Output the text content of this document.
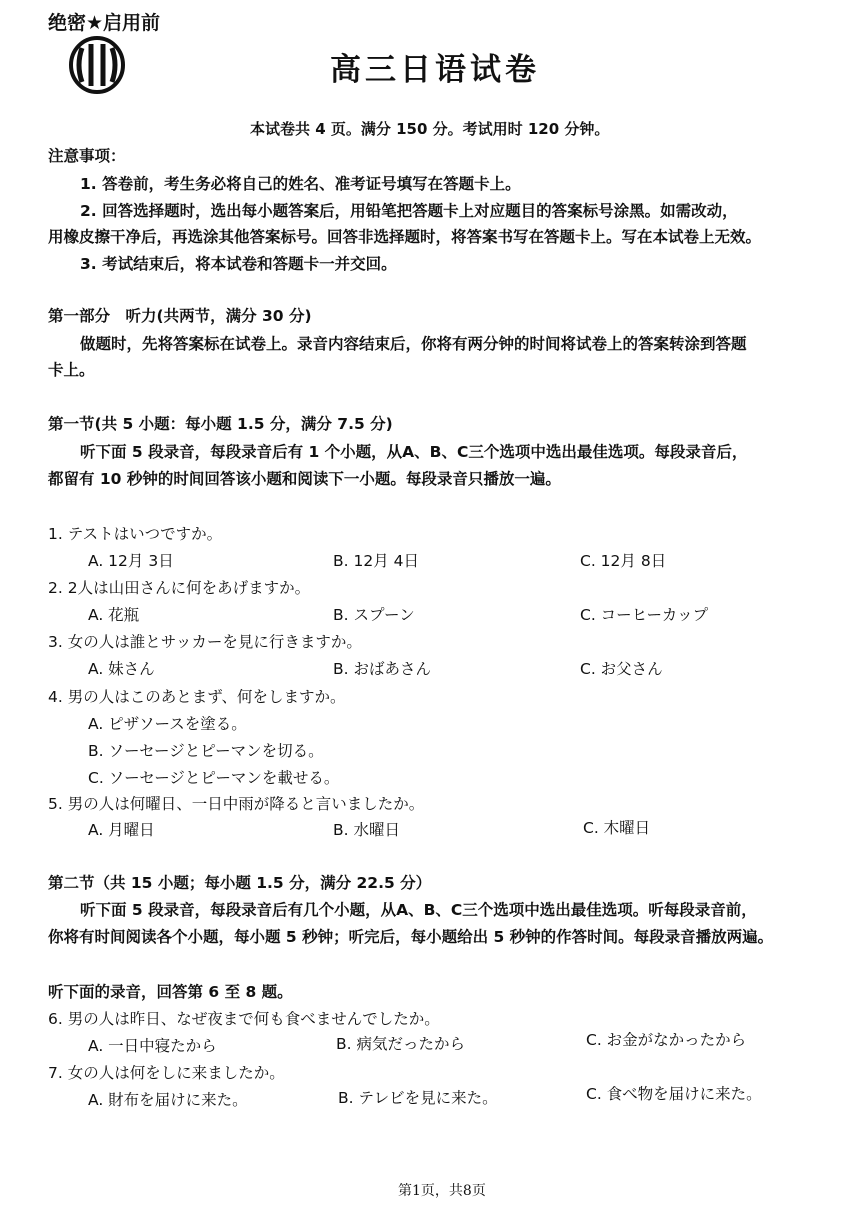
绝密★启用前
高三日语试卷
本试卷共 4 页。满分 150 分。考试用时 120 分钟。
注意事项：
1. 答卷前，考生务必将自己的姓名、准考证号填写在答题卡上。
2. 回答选择题时，选出每小题答案后，用铅笔把答题卡上对应题目的答案标号涂黑。如需改动，
用橡皮擦干净后，再选涂其他答案标号。回答非选择题时，将答案书写在答题卡上。写在本试卷上无效。
3. 考试结束后，将本试卷和答题卡一并交回。
第一部分　听力(共两节，满分 30 分)
做题时，先将答案标在试卷上。录音内容结束后，你将有两分钟的时间将试卷上的答案转涂到答题
卡上。
第一节(共 5 小题：每小题 1.5 分，满分 7.5 分)
听下面 5 段录音，每段录音后有 1 个小题，从A、B、C三个选项中选出最佳选项。每段录音后，
都留有 10 秒钟的时间回答该小题和阅读下一小题。每段录音只播放一遍。
1. テストはいつですか。
A. 12月 3日	B. 12月 4日	C. 12月 8日
2. 2人は山田さんに何をあげますか。
A. 花瓶	B. スプーン	C. コーヒーカップ
3. 女の人は誰とサッカーを見に行きますか。
A. 妹さん	B. おばあさん	C. お父さん
4. 男の人はこのあとまず、何をしますか。
A. ピザソースを塗る。
B. ソーセージとピーマンを切る。
C. ソーセージとピーマンを載せる。
5. 男の人は何曜日、一日中雨が降ると言いましたか。
A. 月曜日	B. 水曜日	C. 木曜日
第二节（共 15 小题；每小题 1.5 分，满分 22.5 分）
听下面 5 段录音，每段录音后有几个小题，从A、B、C三个选项中选出最佳选项。听每段录音前，
你将有时间阅读各个小题，每小题 5 秒钟；听完后，每小题给出 5 秒钟的作答时间。每段录音播放两遍。
听下面的录音，回答第 6 至 8 题。
6. 男の人は昨日、なぜ夜まで何も食べませんでしたか。
A. 一日中寝たから	B. 病気だったから	C. お金がなかったから
7. 女の人は何をしに来ましたか。
A. 財布を届けに来た。	B. テレビを見に来た。	C. 食べ物を届けに来た。
第1页，共8页
